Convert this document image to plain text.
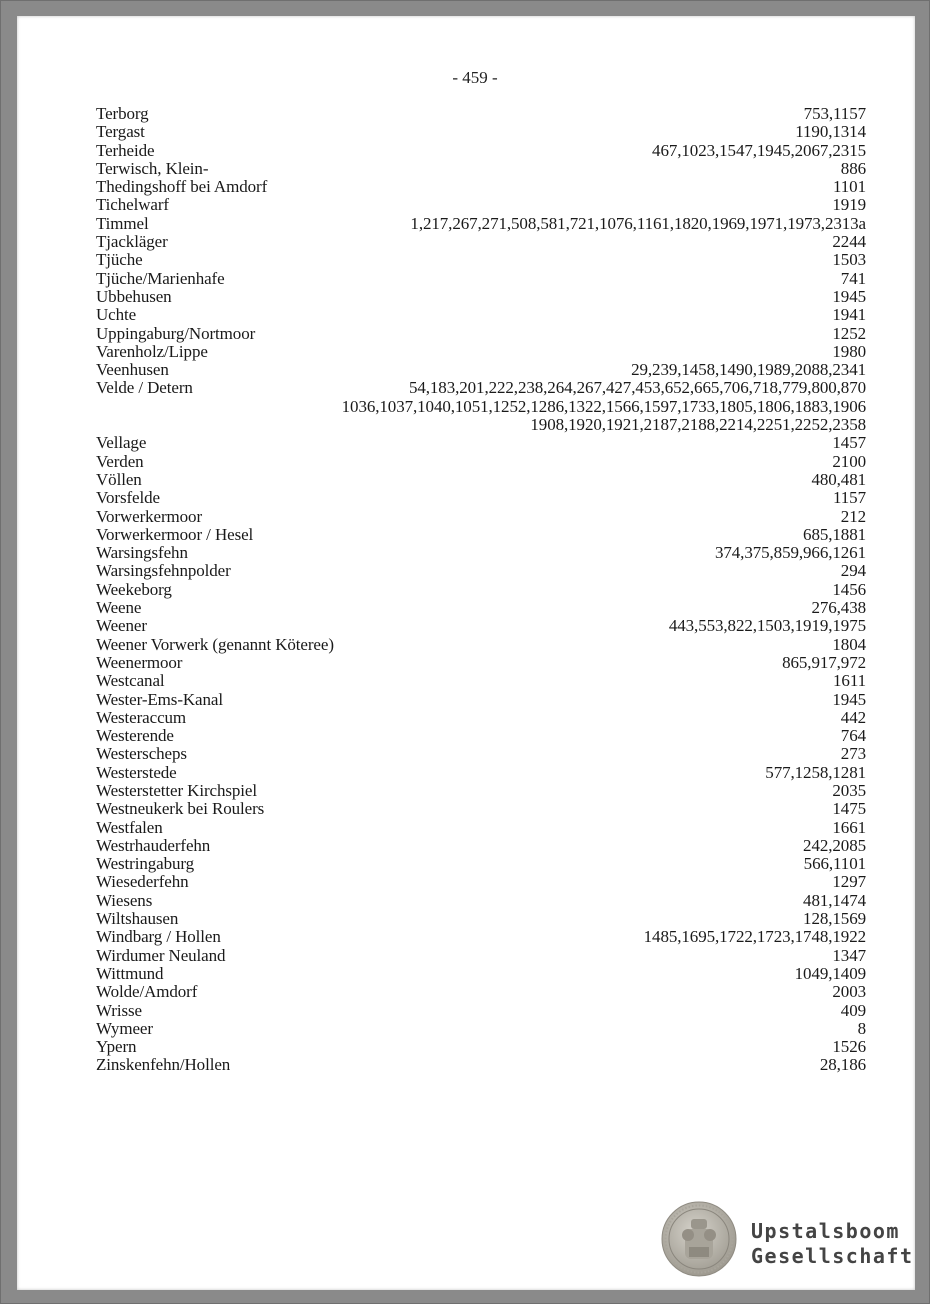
- 459 -
Terborg	753,1157
Tergast	1190,1314
Terheide	467,1023,1547,1945,2067,2315
Terwisch, Klein-	886
Thedingshoff bei Amdorf	1101
Tichelwarf	1919
Timmel	1,217,267,271,508,581,721,1076,1161,1820,1969,1971,1973,2313a
Tjackläger	2244
Tjüche	1503
Tjüche/Marienhafe	741
Ubbehusen	1945
Uchte	1941
Uppingaburg/Nortmoor	1252
Varenholz/Lippe	1980
Veenhusen	29,239,1458,1490,1989,2088,2341
Velde / Detern	54,183,201,222,238,264,267,427,453,652,665,706,718,779,800,870
1036,1037,1040,1051,1252,1286,1322,1566,1597,1733,1805,1806,1883,1906
1908,1920,1921,2187,2188,2214,2251,2252,2358
Vellage	1457
Verden	2100
Völlen	480,481
Vorsfelde	1157
Vorwerkermoor	212
Vorwerkermoor / Hesel	685,1881
Warsingsfehn	374,375,859,966,1261
Warsingsfehnpolder	294
Weekeborg	1456
Weene	276,438
Weener	443,553,822,1503,1919,1975
Weener Vorwerk (genannt Köteree)	1804
Weenermoor	865,917,972
Westcanal	1611
Wester-Ems-Kanal	1945
Westeraccum	442
Westerende	764
Westerscheps	273
Westerstede	577,1258,1281
Westerstetter Kirchspiel	2035
Westneukerk bei Roulers	1475
Westfalen	1661
Westrhauderfehn	242,2085
Westringaburg	566,1101
Wiesederfehn	1297
Wiesens	481,1474
Wiltshausen	128,1569
Windbarg / Hollen	1485,1695,1722,1723,1748,1922
Wirdumer Neuland	1347
Wittmund	1049,1409
Wolde/Amdorf	2003
Wrisse	409
Wymeer	8
Ypern	1526
Zinskenfehn/Hollen	28,186
Upstalsboom
Gesellschaft
